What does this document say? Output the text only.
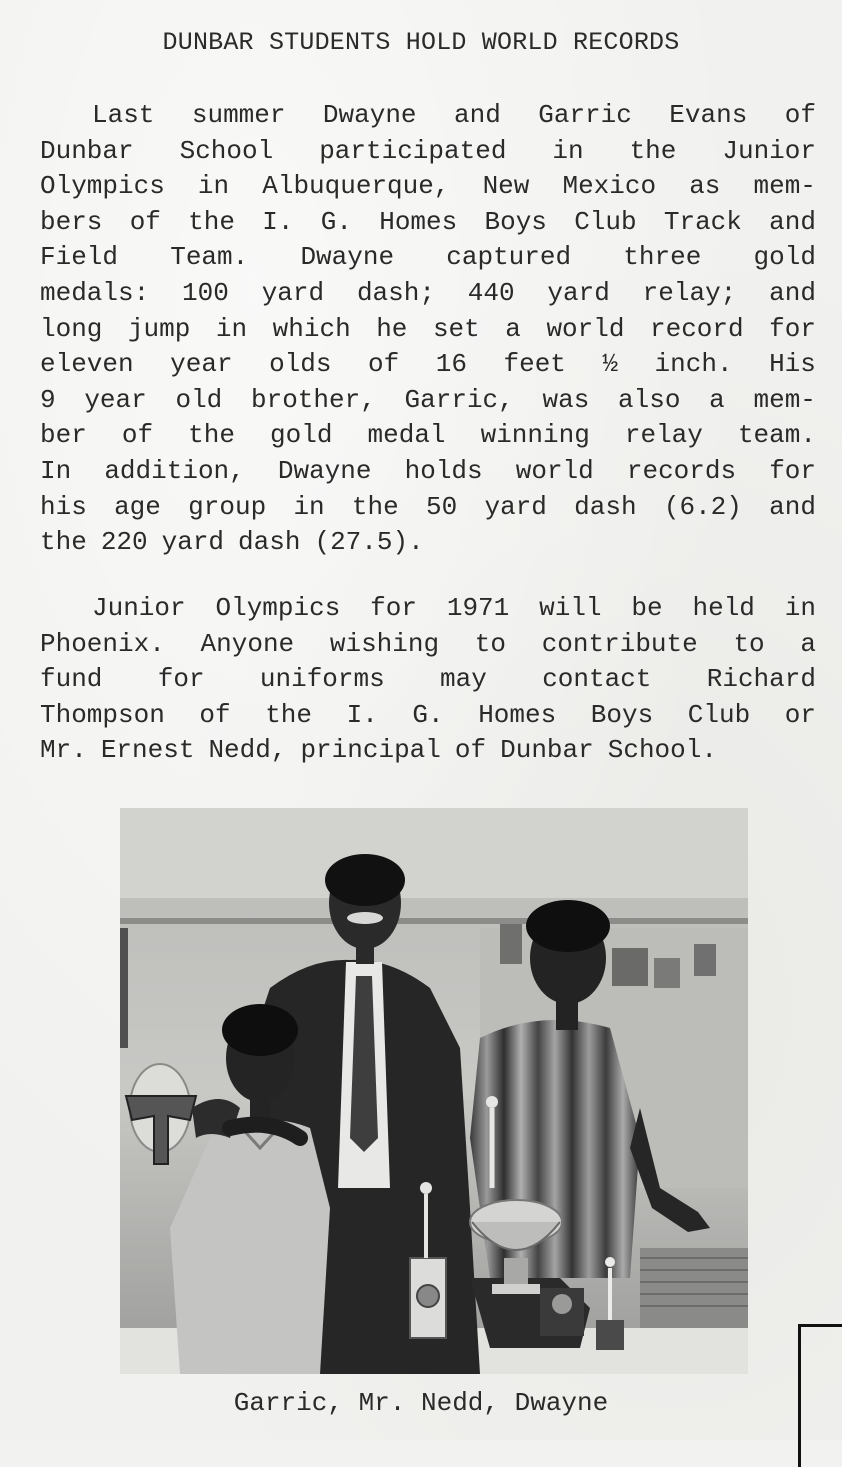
DUNBAR STUDENTS HOLD WORLD RECORDS
Last summer Dwayne and Garric Evans of
Dunbar School participated in the Junior
Olympics in Albuquerque, New Mexico as mem-
bers of the I. G. Homes Boys Club Track and
Field Team. Dwayne captured three gold
medals: 100 yard dash; 440 yard relay; and
long jump in which he set a world record for
eleven year olds of 16 feet ½ inch. His
9 year old brother, Garric, was also a mem-
ber of the gold medal winning relay team.
In addition, Dwayne holds world records for
his age group in the 50 yard dash (6.2) and
the 220 yard dash (27.5).
Junior Olympics for 1971 will be held in
Phoenix. Anyone wishing to contribute to a
fund for uniforms may contact Richard
Thompson of the I. G. Homes Boys Club or
Mr. Ernest Nedd, principal of Dunbar School.

Garric, Mr. Nedd, Dwayne
